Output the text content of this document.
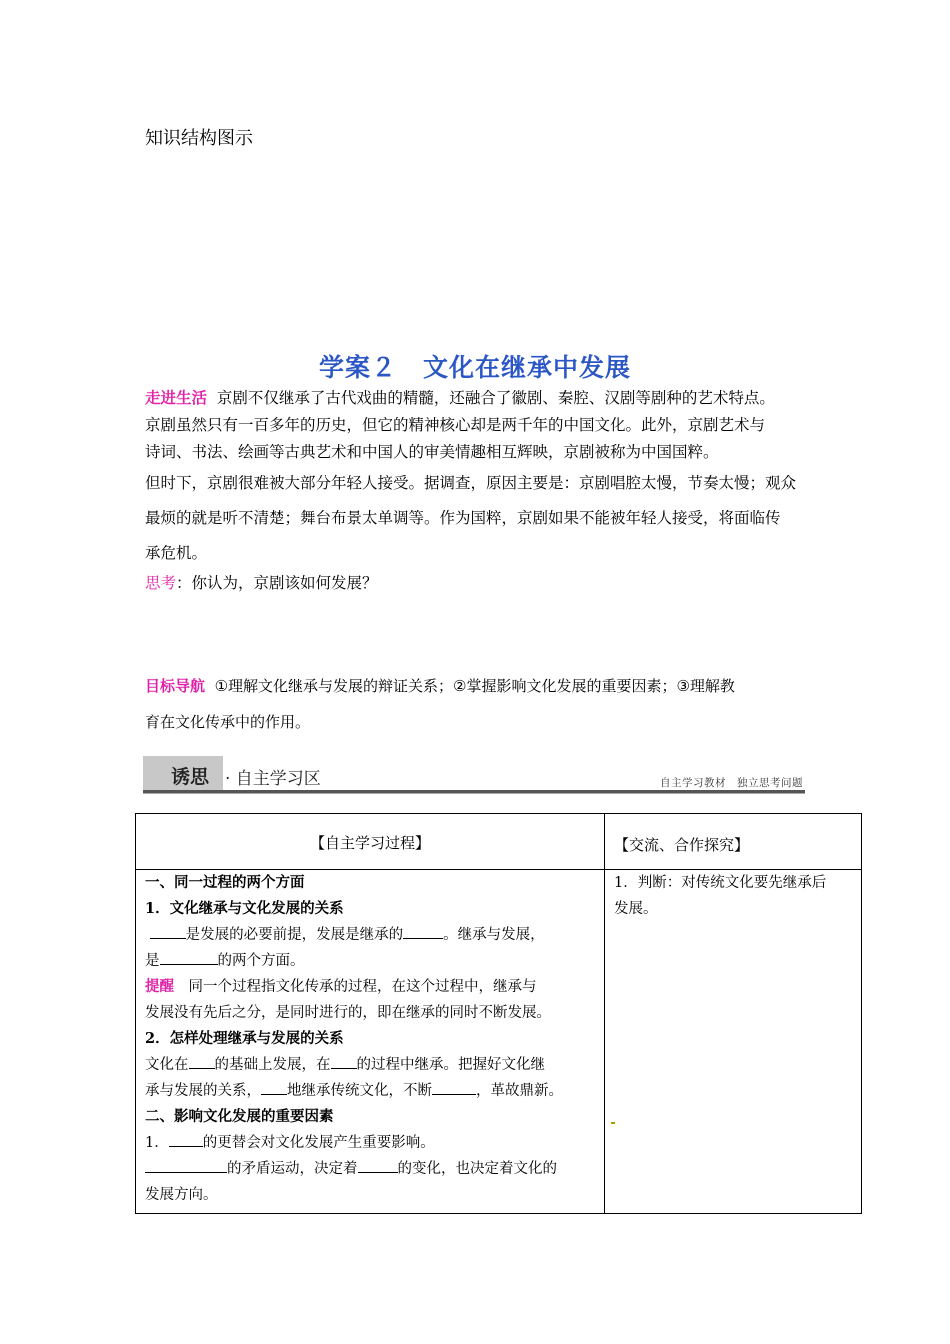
知识结构图示
学案２　文化在继承中发展
走进生活 京剧不仅继承了古代戏曲的精髓，还融合了徽剧、秦腔、汉剧等剧种的艺术特点。
京剧虽然只有一百多年的历史，但它的精神核心却是两千年的中国文化。此外，京剧艺术与
诗词、书法、绘画等古典艺术和中国人的审美情趣相互辉映，京剧被称为中国国粹。
但时下，京剧很难被大部分年轻人接受。据调查，原因主要是：京剧唱腔太慢，节奏太慢；观众
最烦的就是听不清楚；舞台布景太单调等。作为国粹，京剧如果不能被年轻人接受，将面临传
承危机。
思考：你认为，京剧该如何发展？
目标导航 ①理解文化继承与发展的辩证关系；②掌握影响文化发展的重要因素；③理解教
育在文化传承中的作用。
诱思 · 自主学习区	自主学习教材　独立思考问题
【自主学习过程】	【交流、合作探究】
一、同一过程的两个方面
1．文化继承与文化发展的关系
是发展的必要前提，发展是继承的	。继承与发展，
是	的两个方面。
提醒　同一个过程指文化传承的过程，在这个过程中，继承与
发展没有先后之分，是同时进行的，即在继承的同时不断发展。
2．怎样处理继承与发展的关系
文化在 的基础上发展，在 的过程中继承。把握好文化继
承与发展的关系， 地继承传统文化，不断	，革故鼎新。
二、影响文化发展的重要因素
1． 的更替会对文化发展产生重要影响。
的矛盾运动，决定着	的变化，也决定着文化的
发展方向。
1．判断：对传统文化要先继承后
发展。
